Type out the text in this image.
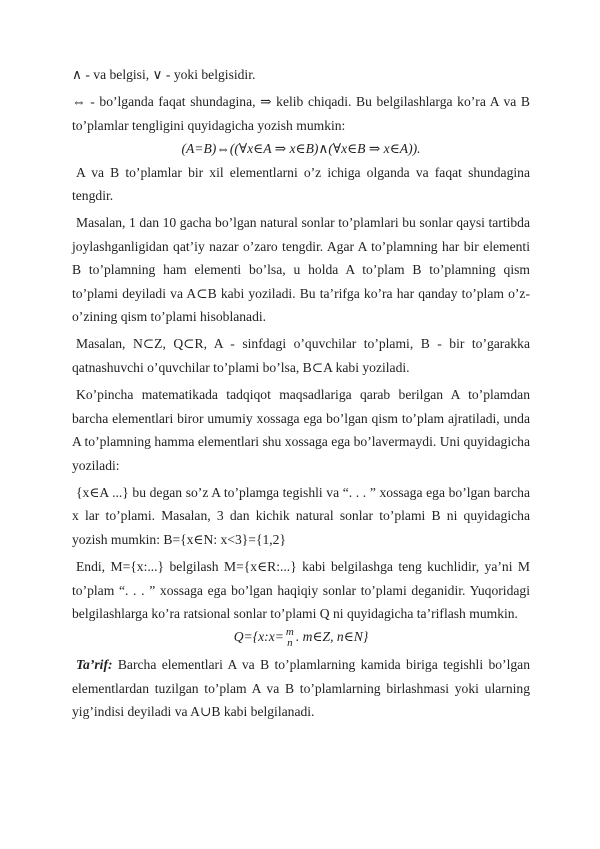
∧ - va belgisi, ∨ - yoki belgisidir.

⇔ - bo’lganda faqat shundagina, ⇒ kelib chiqadi. Bu belgilashlarga ko’ra A va B to’plamlar tengligini quyidagicha yozish mumkin:

(A=B)⇔((∀x∈A ⇒ x∈B)∧(∀x∈B ⇒ x∈A)).

A va B to’plamlar bir xil elementlarni o’z ichiga olganda va faqat shundagina tengdir.

Masalan, 1 dan 10 gacha bo’lgan natural sonlar to’plamlari bu sonlar qaysi tartibda joylashganligidan qat’iy nazar o’zaro tengdir. Agar A to’plamning har bir elementi B to’plamning ham elementi bo’lsa, u holda A to’plam B to’plamning qism to’plami deyiladi va A⊂B kabi yoziladi. Bu ta’rifga ko’ra har qanday to’plam o’z-o’zining qism to’plami hisoblanadi.

Masalan, N⊂Z, Q⊂R, A - sinfdagi o’quvchilar to’plami, B - bir to’garakka qatnashuvchi o’quvchilar to’plami bo’lsa, B⊂A kabi yoziladi.

Ko’pincha matematikada tadqiqot maqsadlariga qarab berilgan A to’plamdan barcha elementlari biror umumiy xossaga ega bo’lgan qism to’plam ajratiladi, unda A to’plamning hamma elementlari shu xossaga ega bo’lavermaydi. Uni quyidagicha yoziladi:

{x∈A ...} bu degan so’z A to’plamga tegishli va “. . . ” xossaga ega bo’lgan barcha x lar to’plami. Masalan, 3 dan kichik natural sonlar to’plami B ni quyidagicha yozish mumkin: B={x∈N: x<3}={1,2}

Endi, M={x:...} belgilash M={x∈R:...} kabi belgilashga teng kuchlidir, ya’ni M to’plam “. . . ” xossaga ega bo’lgan haqiqiy sonlar to’plami deganidir. Yuqoridagi belgilashlarga ko’ra ratsional sonlar to’plami Q ni quyidagicha ta’riflash mumkin.

Q={x:x= m
n . m∈Z, n∈N}

Ta’rif: Barcha elementlari A va B to’plamlarning kamida biriga tegishli bo’lgan elementlardan tuzilgan to’plam A va B to’plamlarning birlashmasi yoki ularning yig’indisi deyiladi va A∪B kabi belgilanadi.
